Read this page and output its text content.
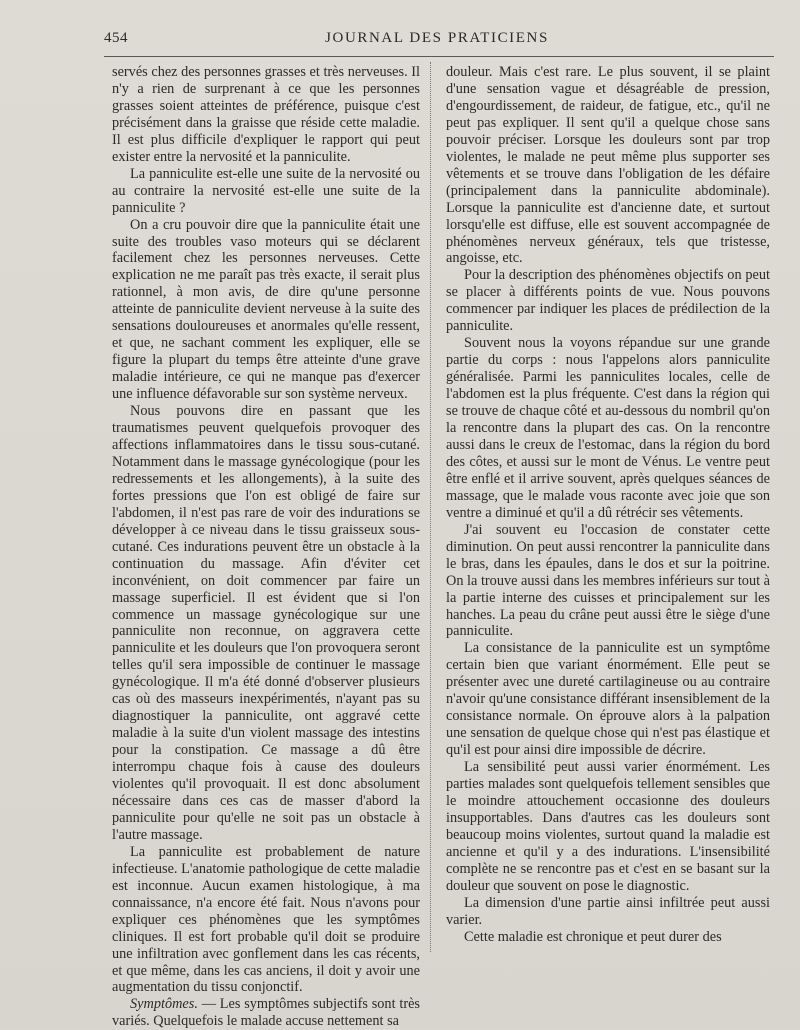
454	JOURNAL DES PRATICIENS

servés chez des personnes grasses et très nerveuses. Il n'y a rien de surprenant à ce que les personnes grasses soient atteintes de préférence, puisque c'est précisément dans la graisse que réside cette maladie. Il est plus difficile d'expliquer le rapport qui peut exister entre la nervosité et la panniculite.

La panniculite est-elle une suite de la nervosité ou au contraire la nervosité est-elle une suite de la panniculite ?

On a cru pouvoir dire que la panniculite était une suite des troubles vaso moteurs qui se déclarent facilement chez les personnes nerveuses. Cette explication ne me paraît pas très exacte, il serait plus rationnel, à mon avis, de dire qu'une personne atteinte de panniculite devient nerveuse à la suite des sensations douloureuses et anormales qu'elle ressent, et que, ne sachant comment les expliquer, elle se figure la plupart du temps être atteinte d'une grave maladie intérieure, ce qui ne manque pas d'exercer une influence défavorable sur son système nerveux.

Nous pouvons dire en passant que les traumatismes peuvent quelquefois provoquer des affections inflammatoires dans le tissu sous-cutané. Notamment dans le massage gynécologique (pour les redressements et les allongements), à la suite des fortes pressions que l'on est obligé de faire sur l'abdomen, il n'est pas rare de voir des indurations se développer à ce niveau dans le tissu graisseux sous-cutané. Ces indurations peuvent être un obstacle à la continuation du massage. Afin d'éviter cet inconvénient, on doit commencer par faire un massage superficiel. Il est évident que si l'on commence un massage gynécologique sur une panniculite non reconnue, on aggravera cette panniculite et les douleurs que l'on provoquera seront telles qu'il sera impossible de continuer le massage gynécologique. Il m'a été donné d'observer plusieurs cas où des masseurs inexpérimentés, n'ayant pas su diagnostiquer la panniculite, ont aggravé cette maladie à la suite d'un violent massage des intestins pour la constipation. Ce massage a dû être interrompu chaque fois à cause des douleurs violentes qu'il provoquait. Il est donc absolument nécessaire dans ces cas de masser d'abord la panniculite pour qu'elle ne soit pas un obstacle à l'autre massage.

La panniculite est probablement de nature infectieuse. L'anatomie pathologique de cette maladie est inconnue. Aucun examen histologique, à ma connaissance, n'a encore été fait. Nous n'avons pour expliquer ces phénomènes que les symptômes cliniques. Il est fort probable qu'il doit se produire une infiltration avec gonflement dans les cas récents, et que même, dans les cas anciens, il doit y avoir une augmentation du tissu conjonctif.

Symptômes. — Les symptômes subjectifs sont très variés. Quelquefois le malade accuse nettement sa

douleur. Mais c'est rare. Le plus souvent, il se plaint d'une sensation vague et désagréable de pression, d'engourdissement, de raideur, de fatigue, etc., qu'il ne peut pas expliquer. Il sent qu'il a quelque chose sans pouvoir préciser. Lorsque les douleurs sont par trop violentes, le malade ne peut même plus supporter ses vêtements et se trouve dans l'obligation de les défaire (principalement dans la panniculite abdominale). Lorsque la panniculite est d'ancienne date, et surtout lorsqu'elle est diffuse, elle est souvent accompagnée de phénomènes nerveux généraux, tels que tristesse, angoisse, etc.

Pour la description des phénomènes objectifs on peut se placer à différents points de vue. Nous pouvons commencer par indiquer les places de prédilection de la panniculite.

Souvent nous la voyons répandue sur une grande partie du corps : nous l'appelons alors panniculite généralisée. Parmi les panniculites locales, celle de l'abdomen est la plus fréquente. C'est dans la région qui se trouve de chaque côté et au-dessous du nombril qu'on la rencontre dans la plupart des cas. On la rencontre aussi dans le creux de l'estomac, dans la région du bord des côtes, et aussi sur le mont de Vénus. Le ventre peut être enflé et il arrive souvent, après quelques séances de massage, que le malade vous raconte avec joie que son ventre a diminué et qu'il a dû rétrécir ses vêtements.

J'ai souvent eu l'occasion de constater cette diminution. On peut aussi rencontrer la panniculite dans le bras, dans les épaules, dans le dos et sur la poitrine. On la trouve aussi dans les membres inférieurs sur tout à la partie interne des cuisses et principalement sur les hanches. La peau du crâne peut aussi être le siège d'une panniculite.

La consistance de la panniculite est un symptôme certain bien que variant énormément. Elle peut se présenter avec une dureté cartilagineuse ou au contraire n'avoir qu'une consistance différant insensiblement de la consistance normale. On éprouve alors à la palpation une sensation de quelque chose qui n'est pas élastique et qu'il est pour ainsi dire impossible de décrire.

La sensibilité peut aussi varier énormément. Les parties malades sont quelquefois tellement sensibles que le moindre attouchement occasionne des douleurs insupportables. Dans d'autres cas les douleurs sont beaucoup moins violentes, surtout quand la maladie est ancienne et qu'il y a des indurations. L'insensibilité complète ne se rencontre pas et c'est en se basant sur la douleur que souvent on pose le diagnostic.

La dimension d'une partie ainsi infiltrée peut aussi varier.

Cette maladie est chronique et peut durer des
